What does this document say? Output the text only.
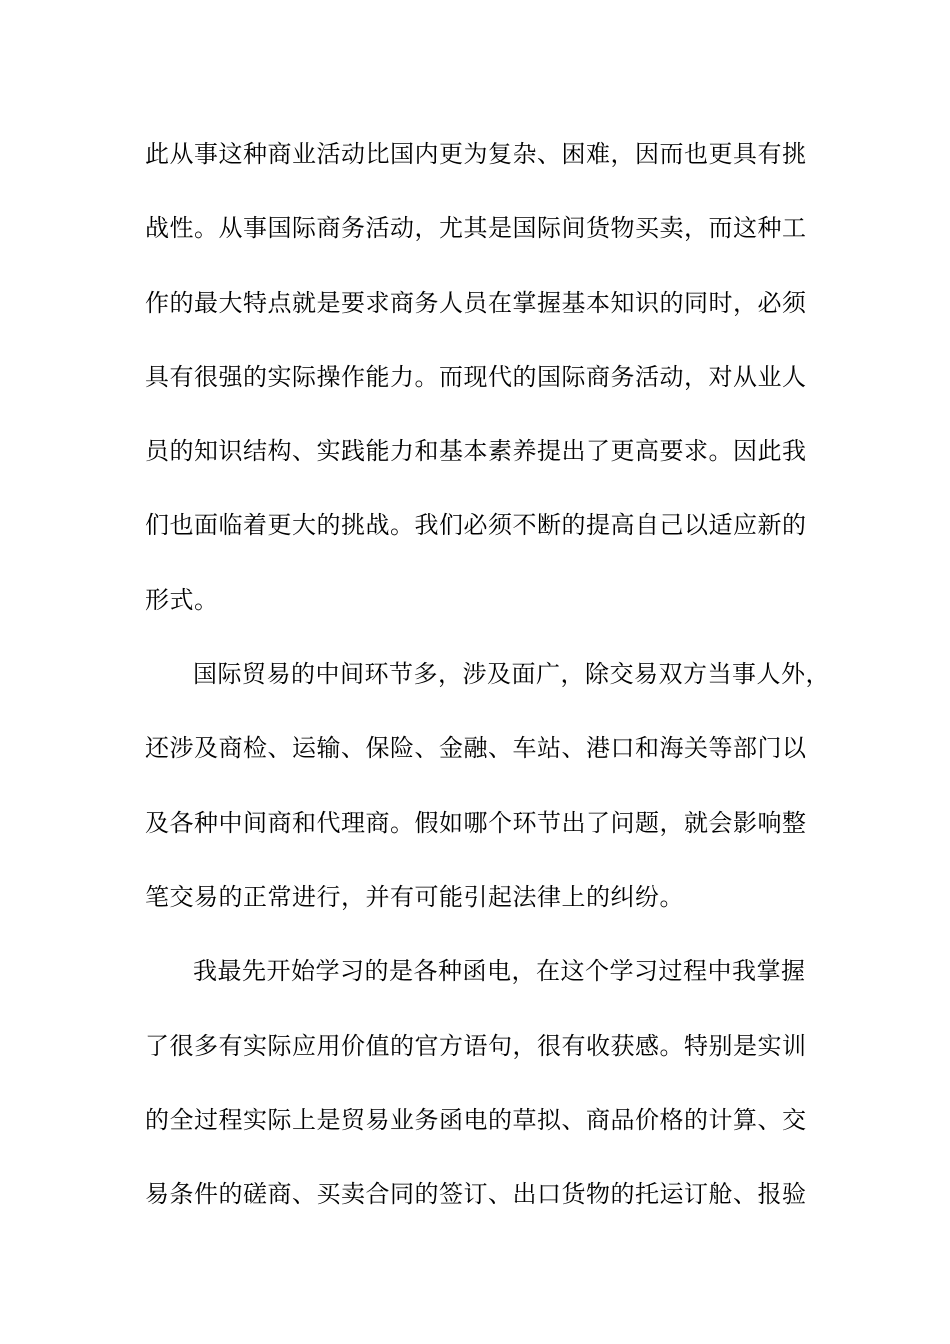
此从事这种商业活动比国内更为复杂、困难，因而也更具有挑
战性。从事国际商务活动，尤其是国际间货物买卖，而这种工
作的最大特点就是要求商务人员在掌握基本知识的同时，必须
具有很强的实际操作能力。而现代的国际商务活动，对从业人
员的知识结构、实践能力和基本素养提出了更高要求。因此我
们也面临着更大的挑战。我们必须不断的提高自己以适应新的
形式。
国际贸易的中间环节多，涉及面广，除交易双方当事人外，
还涉及商检、运输、保险、金融、车站、港口和海关等部门以
及各种中间商和代理商。假如哪个环节出了问题，就会影响整
笔交易的正常进行，并有可能引起法律上的纠纷。
我最先开始学习的是各种函电，在这个学习过程中我掌握
了很多有实际应用价值的官方语句，很有收获感。特别是实训
的全过程实际上是贸易业务函电的草拟、商品价格的计算、交
易条件的磋商、买卖合同的签订、出口货物的托运订舱、报验
